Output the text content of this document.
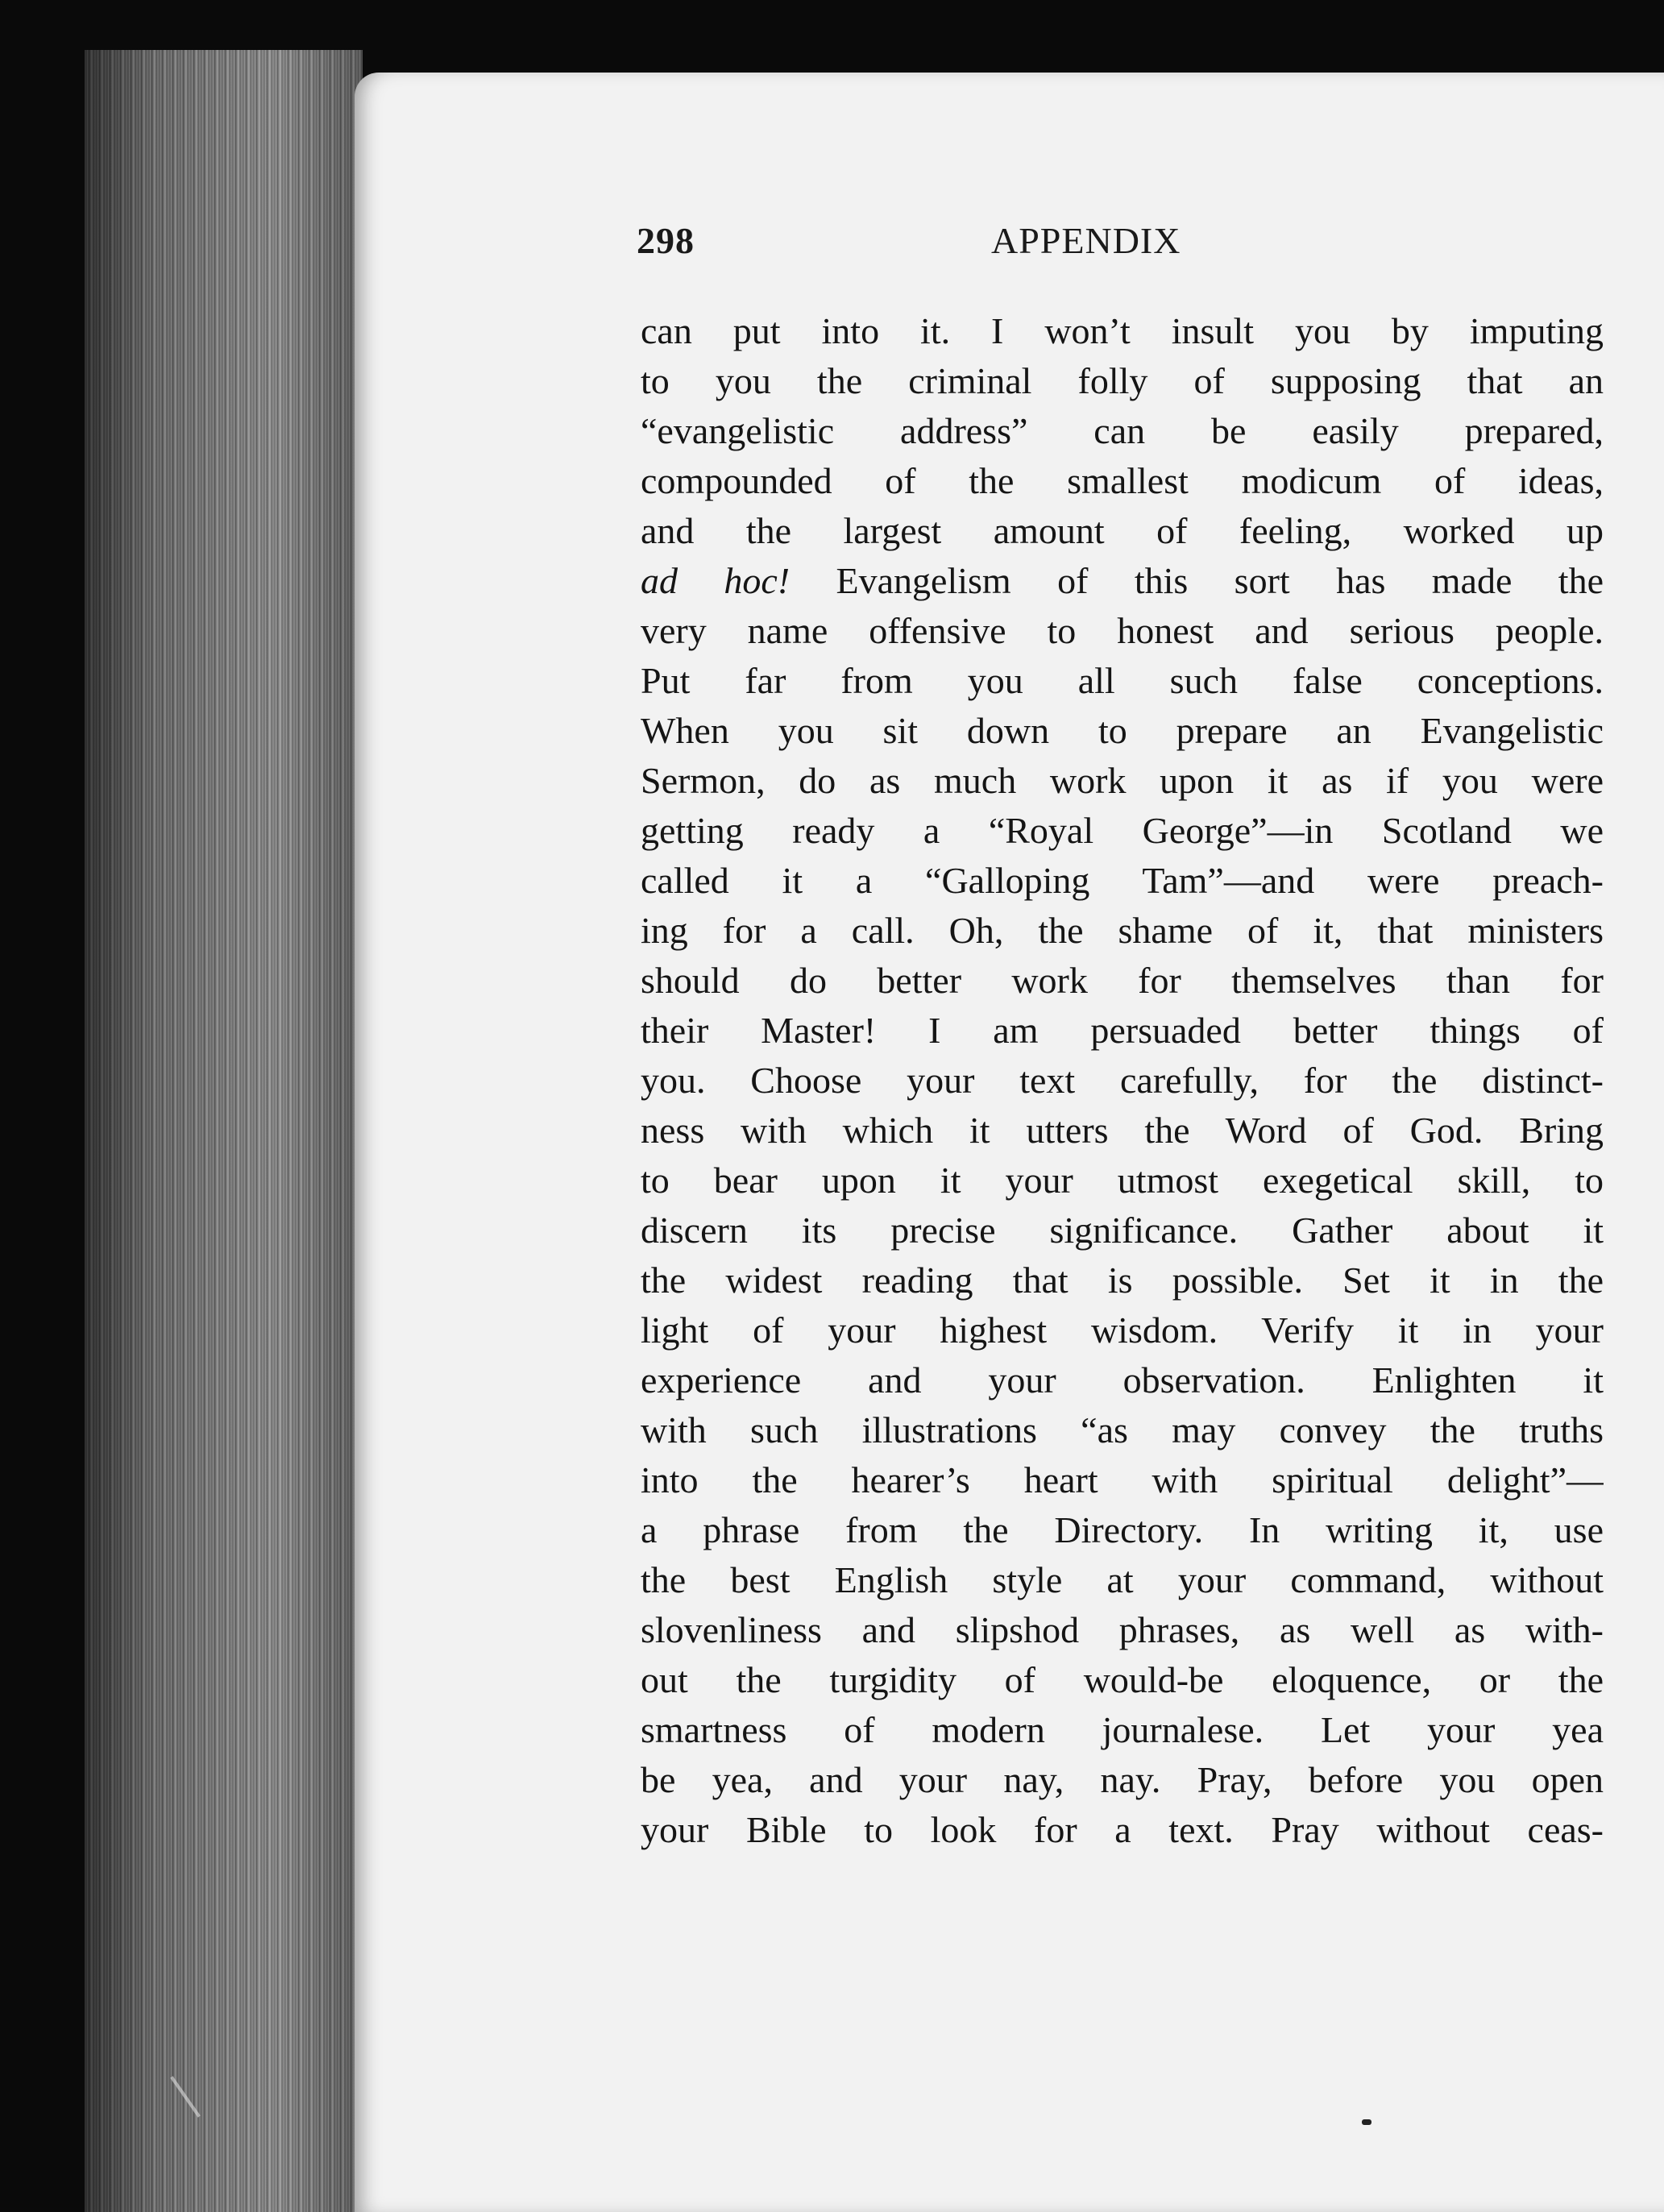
298	APPENDIX
can put into it. I won’t insult you by imputing
to you the criminal folly of supposing that an
“evangelistic address” can be easily prepared,
compounded of the smallest modicum of ideas,
and the largest amount of feeling, worked up
ad hoc! Evangelism of this sort has made the
very name offensive to honest and serious people.
Put far from you all such false conceptions.
When you sit down to prepare an Evangelistic
Sermon, do as much work upon it as if you were
getting ready a “Royal George”—in Scotland we
called it a “Galloping Tam”—and were preach-
ing for a call. Oh, the shame of it, that ministers
should do better work for themselves than for
their Master! I am persuaded better things of
you. Choose your text carefully, for the distinct-
ness with which it utters the Word of God. Bring
to bear upon it your utmost exegetical skill, to
discern its precise significance. Gather about it
the widest reading that is possible. Set it in the
light of your highest wisdom. Verify it in your
experience and your observation. Enlighten it
with such illustrations “as may convey the truths
into the hearer’s heart with spiritual delight”—
a phrase from the Directory. In writing it, use
the best English style at your command, without
slovenliness and slipshod phrases, as well as with-
out the turgidity of would-be eloquence, or the
smartness of modern journalese. Let your yea
be yea, and your nay, nay. Pray, before you open
your Bible to look for a text. Pray without ceas-
